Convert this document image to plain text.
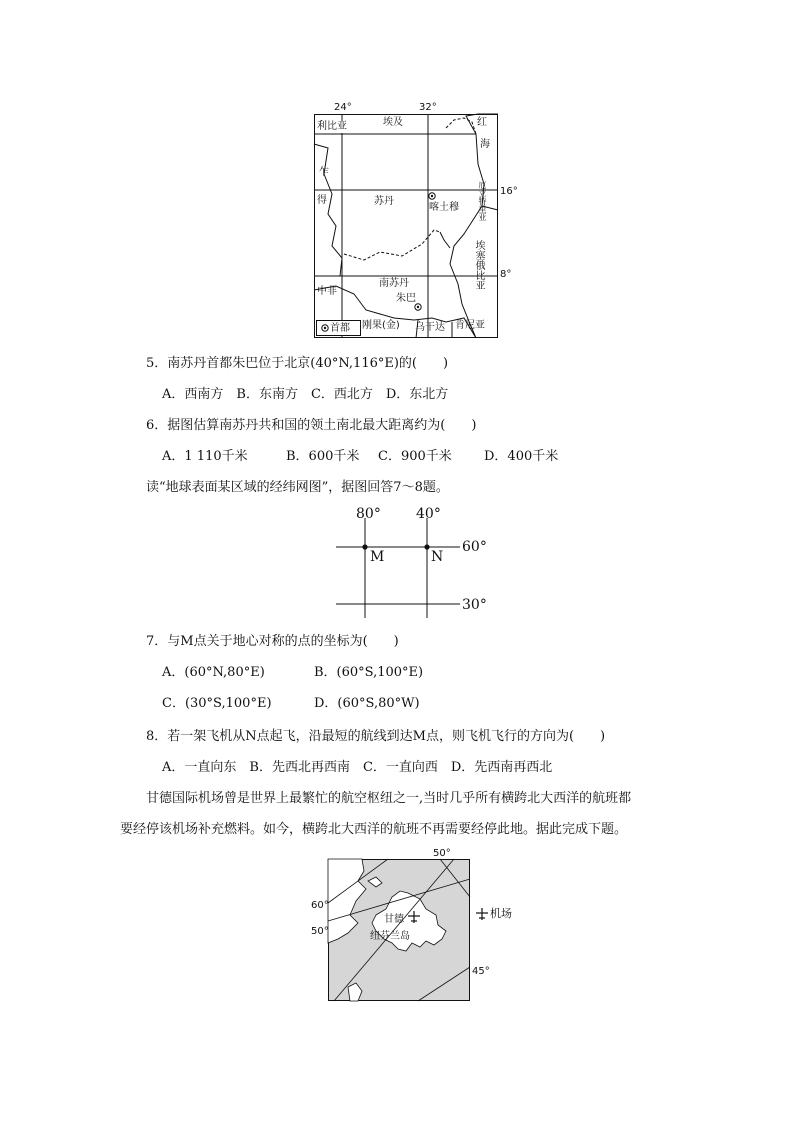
24°	32°
利比亚	埃及	红
海
乍
得	苏丹
喀土穆 厄立特里亚 16°
埃塞俄比亚 8°
中非
南苏丹
朱巴
首都 刚果(金) 乌干达 肯尼亚
5．南苏丹首都朱巴位于北京(40°N,116°E)的(　　)
A．西南方　B．东南方　C．西北方　D．东北方
6．据图估算南苏丹共和国的领土南北最大距离约为(　　)
A．1 110千米	B．600千米 C．900千米 D．400千米
读“地球表面某区域的经纬网图”，据图回答7～8题。
80°	40°
60°
30°
M	N
7．与M点关于地心对称的点的坐标为(　　)
A．(60°N,80°E)	B．(60°S,100°E)
C．(30°S,100°E)	D．(60°S,80°W)
8．若一架飞机从N点起飞，沿最短的航线到达M点，则飞机飞行的方向为(　　)
A．一直向东　B．先西北再西南　C．一直向西　D．先西南再西北
甘德国际机场曾是世界上最繁忙的航空枢纽之一,当时几乎所有横跨北大西洋的航班都
要经停该机场补充燃料。如今，横跨北大西洋的航班不再需要经停此地。据此完成下题。
50°
60°
50°
45°
甘德
纽芬兰岛
机场
